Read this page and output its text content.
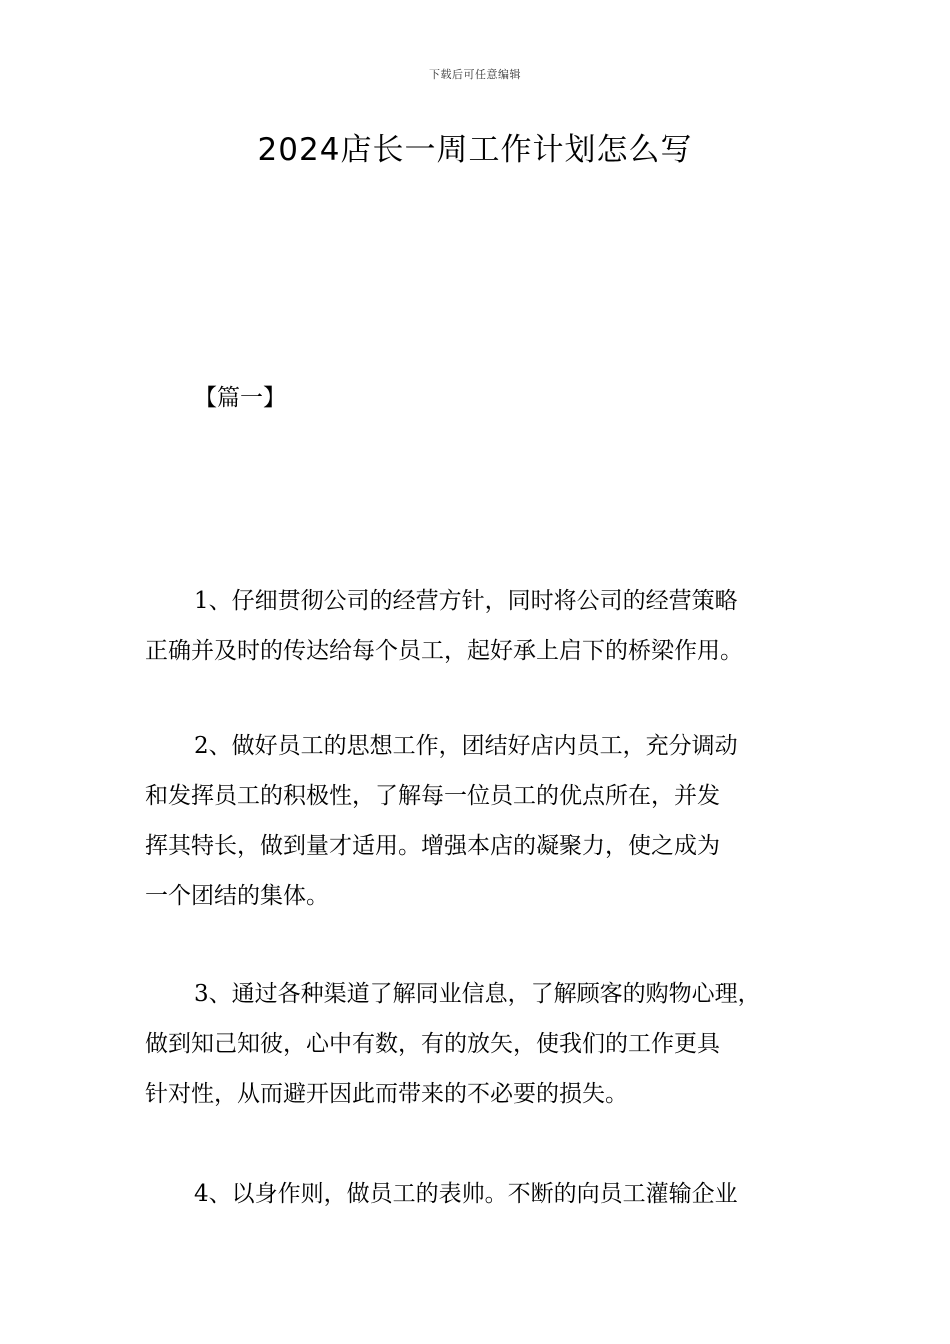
下载后可任意编辑
2024店长一周工作计划怎么写
【篇一】
1、仔细贯彻公司的经营方针，同时将公司的经营策略
正确并及时的传达给每个员工，起好承上启下的桥梁作用。
2、做好员工的思想工作，团结好店内员工，充分调动
和发挥员工的积极性，了解每一位员工的优点所在，并发
挥其特长，做到量才适用。增强本店的凝聚力，使之成为
一个团结的集体。
3、通过各种渠道了解同业信息，了解顾客的购物心理，
做到知己知彼，心中有数，有的放矢，使我们的工作更具
针对性，从而避开因此而带来的不必要的损失。
4、以身作则，做员工的表帅。不断的向员工灌输企业
